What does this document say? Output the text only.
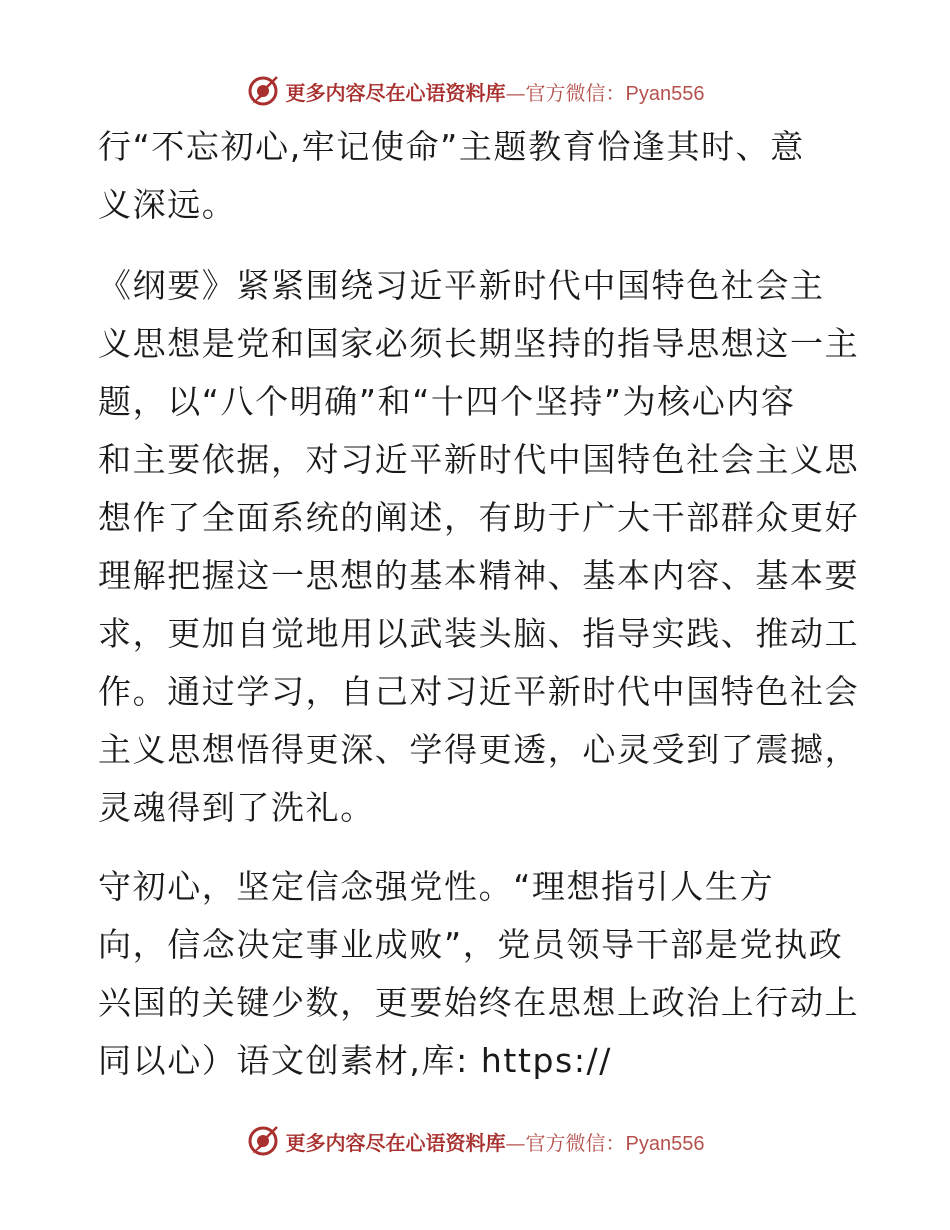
更多内容尽在心语资料库—官方微信：Pyan556
行“不忘初心,牢记使命”主题教育恰逢其时、意
义深远。
《纲要》紧紧围绕习近平新时代中国特色社会主
义思想是党和国家必须长期坚持的指导思想这一主
题，以“八个明确”和“十四个坚持”为核心内容
和主要依据，对习近平新时代中国特色社会主义思
想作了全面系统的阐述，有助于广大干部群众更好
理解把握这一思想的基本精神、基本内容、基本要
求，更加自觉地用以武装头脑、指导实践、推动工
作。通过学习，自己对习近平新时代中国特色社会
主义思想悟得更深、学得更透，心灵受到了震撼，
灵魂得到了洗礼。
守初心，坚定信念强党性。“理想指引人生方
向，信念决定事业成败”，党员领导干部是党执政
兴国的关键少数，更要始终在思想上政治上行动上
同以心）语文创素材,库: https://
更多内容尽在心语资料库—官方微信：Pyan556
